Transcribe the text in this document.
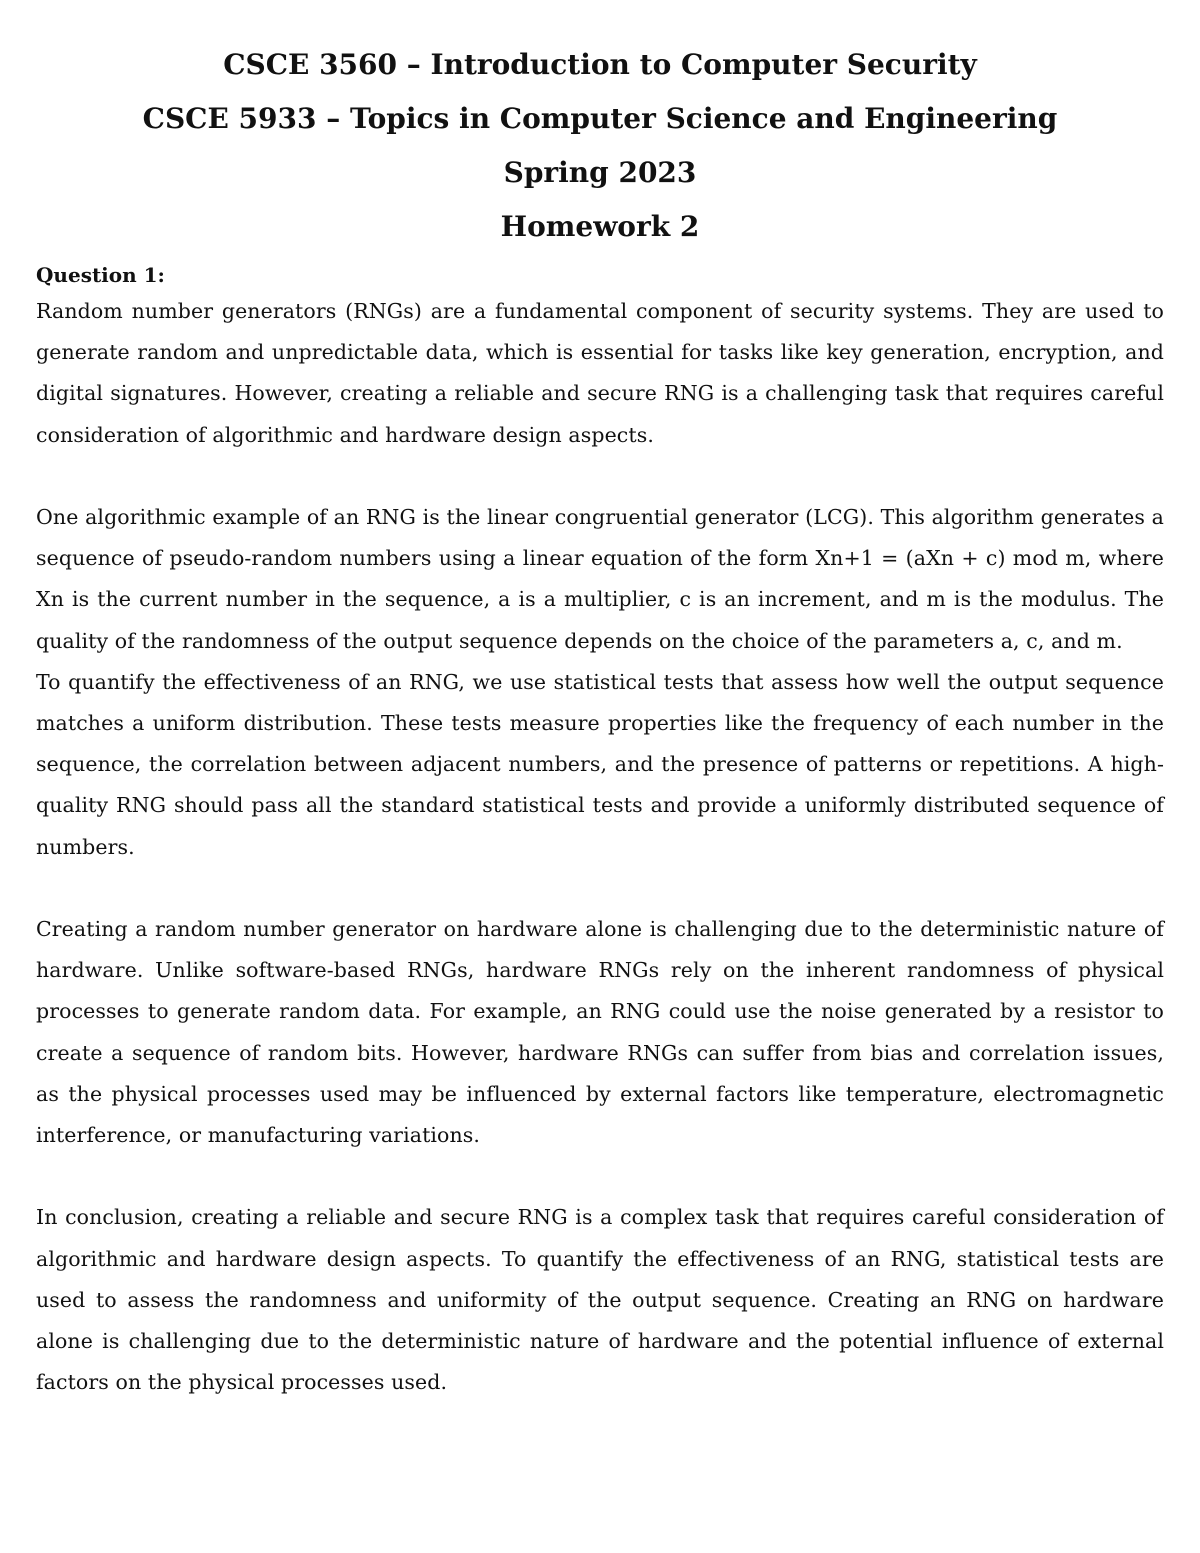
CSCE 3560 – Introduction to Computer Security

CSCE 5933 – Topics in Computer Science and Engineering

Spring 2023

Homework 2

Question 1:

Random number generators (RNGs) are a fundamental component of security systems. They are used to generate random and unpredictable data, which is essential for tasks like key generation, encryption, and digital signatures. However, creating a reliable and secure RNG is a challenging task that requires careful consideration of algorithmic and hardware design aspects.

One algorithmic example of an RNG is the linear congruential generator (LCG). This algorithm generates a sequence of pseudo-random numbers using a linear equation of the form Xn+1 = (aXn + c) mod m, where Xn is the current number in the sequence, a is a multiplier, c is an increment, and m is the modulus. The quality of the randomness of the output sequence depends on the choice of the parameters a, c, and m.

To quantify the effectiveness of an RNG, we use statistical tests that assess how well the output sequence matches a uniform distribution. These tests measure properties like the frequency of each number in the sequence, the correlation between adjacent numbers, and the presence of patterns or repetitions. A high-quality RNG should pass all the standard statistical tests and provide a uniformly distributed sequence of numbers.

Creating a random number generator on hardware alone is challenging due to the deterministic nature of hardware. Unlike software-based RNGs, hardware RNGs rely on the inherent randomness of physical processes to generate random data. For example, an RNG could use the noise generated by a resistor to create a sequence of random bits. However, hardware RNGs can suffer from bias and correlation issues, as the physical processes used may be influenced by external factors like temperature, electromagnetic interference, or manufacturing variations.

In conclusion, creating a reliable and secure RNG is a complex task that requires careful consideration of algorithmic and hardware design aspects. To quantify the effectiveness of an RNG, statistical tests are used to assess the randomness and uniformity of the output sequence. Creating an RNG on hardware alone is challenging due to the deterministic nature of hardware and the potential influence of external factors on the physical processes used.
